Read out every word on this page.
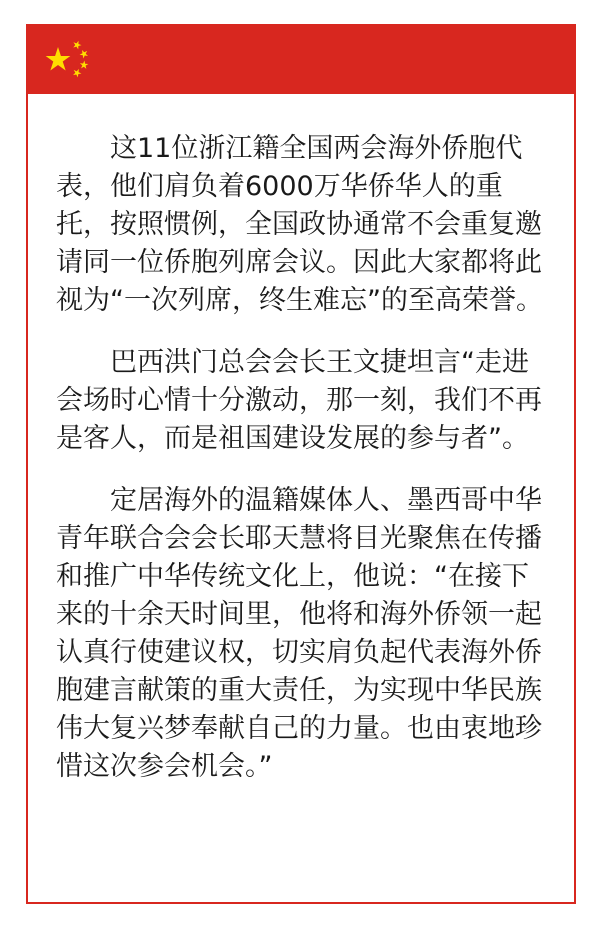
这11位浙江籍全国两会海外侨胞代
表，他们肩负着6000万华侨华人的重
托，按照惯例，全国政协通常不会重复邀
请同一位侨胞列席会议。因此大家都将此
视为“一次列席，终生难忘”的至高荣誉。

巴西洪门总会会长王文捷坦言“走进
会场时心情十分激动，那一刻，我们不再
是客人，而是祖国建设发展的参与者”。

定居海外的温籍媒体人、墨西哥中华
青年联合会会长耶天慧将目光聚焦在传播
和推广中华传统文化上，他说：“在接下
来的十余天时间里，他将和海外侨领一起
认真行使建议权，切实肩负起代表海外侨
胞建言献策的重大责任，为实现中华民族
伟大复兴梦奉献自己的力量。也由衷地珍
惜这次参会机会。”
